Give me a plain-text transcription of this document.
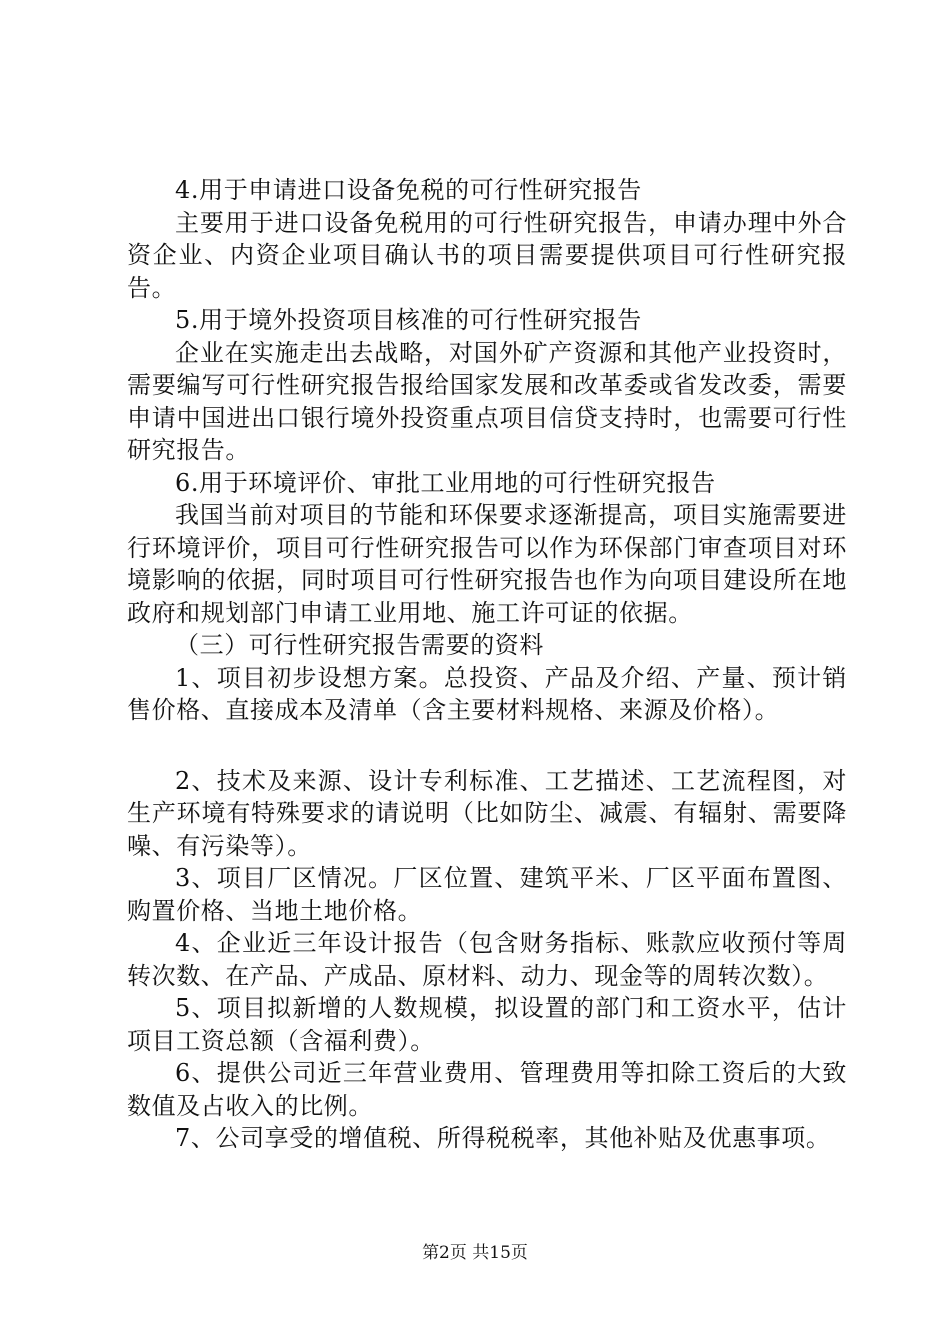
4.用于申请进口设备免税的可行性研究报告

主要用于进口设备免税用的可行性研究报告，申请办理中外合资企业、内资企业项目确认书的项目需要提供项目可行性研究报告。

5.用于境外投资项目核准的可行性研究报告

企业在实施走出去战略，对国外矿产资源和其他产业投资时，需要编写可行性研究报告报给国家发展和改革委或省发改委，需要申请中国进出口银行境外投资重点项目信贷支持时，也需要可行性研究报告。

6.用于环境评价、审批工业用地的可行性研究报告

我国当前对项目的节能和环保要求逐渐提高，项目实施需要进行环境评价，项目可行性研究报告可以作为环保部门审查项目对环境影响的依据，同时项目可行性研究报告也作为向项目建设所在地政府和规划部门申请工业用地、施工许可证的依据。

（三）可行性研究报告需要的资料

1、项目初步设想方案。总投资、产品及介绍、产量、预计销售价格、直接成本及清单（含主要材料规格、来源及价格）。

2、技术及来源、设计专利标准、工艺描述、工艺流程图，对生产环境有特殊要求的请说明（比如防尘、减震、有辐射、需要降噪、有污染等）。

3、项目厂区情况。厂区位置、建筑平米、厂区平面布置图、购置价格、当地土地价格。

4、企业近三年设计报告（包含财务指标、账款应收预付等周转次数、在产品、产成品、原材料、动力、现金等的周转次数）。

5、项目拟新增的人数规模，拟设置的部门和工资水平，估计项目工资总额（含福利费）。

6、提供公司近三年营业费用、管理费用等扣除工资后的大致数值及占收入的比例。

7、公司享受的增值税、所得税税率，其他补贴及优惠事项。

第2页 共15页
